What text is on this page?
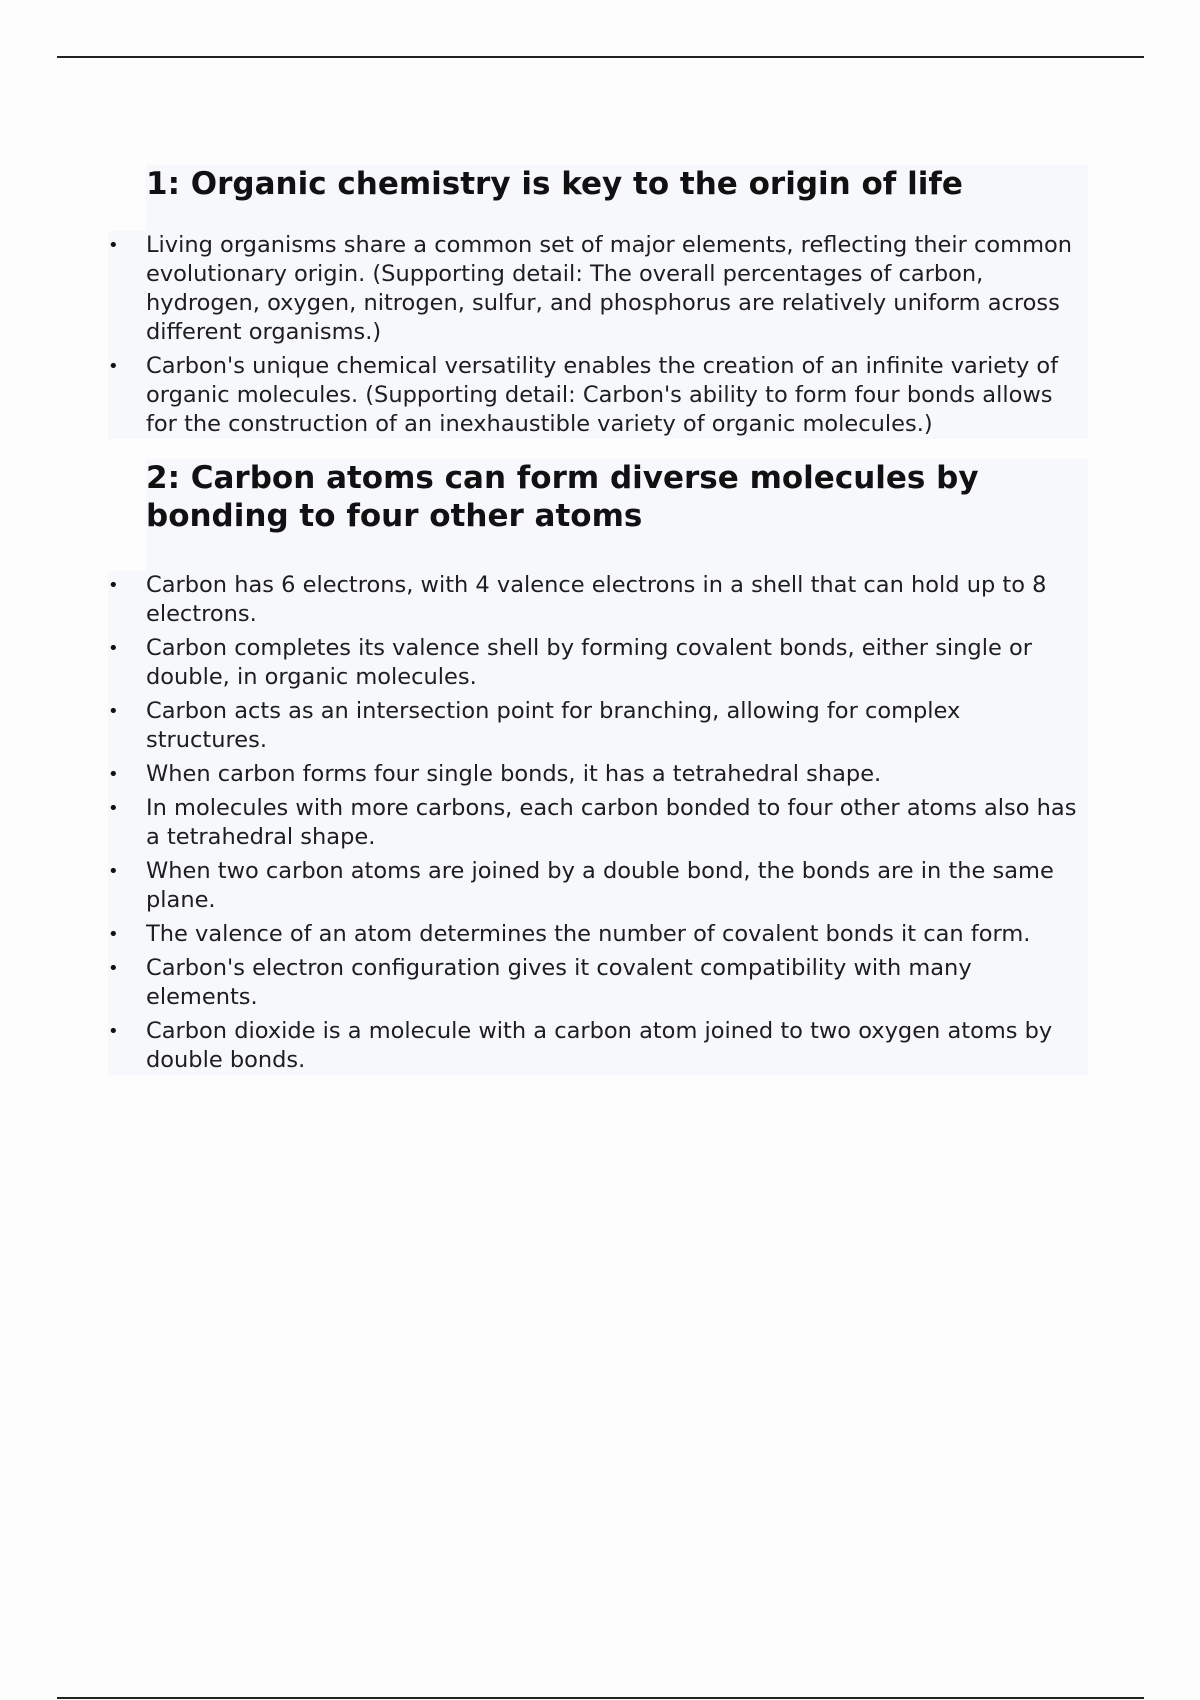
1: Organic chemistry is key to the origin of life
• Living organisms share a common set of major elements, reflecting their common evolutionary origin. (Supporting detail: The overall percentages of carbon, hydrogen, oxygen, nitrogen, sulfur, and phosphorus are relatively uniform across different organisms.)
• Carbon's unique chemical versatility enables the creation of an infinite variety of organic molecules. (Supporting detail: Carbon's ability to form four bonds allows for the construction of an inexhaustible variety of organic molecules.)
2: Carbon atoms can form diverse molecules by bonding to four other atoms
• Carbon has 6 electrons, with 4 valence electrons in a shell that can hold up to 8 electrons.
• Carbon completes its valence shell by forming covalent bonds, either single or double, in organic molecules.
• Carbon acts as an intersection point for branching, allowing for complex structures.
• When carbon forms four single bonds, it has a tetrahedral shape.
• In molecules with more carbons, each carbon bonded to four other atoms also has a tetrahedral shape.
• When two carbon atoms are joined by a double bond, the bonds are in the same plane.
• The valence of an atom determines the number of covalent bonds it can form.
• Carbon's electron configuration gives it covalent compatibility with many elements.
• Carbon dioxide is a molecule with a carbon atom joined to two oxygen atoms by double bonds.
